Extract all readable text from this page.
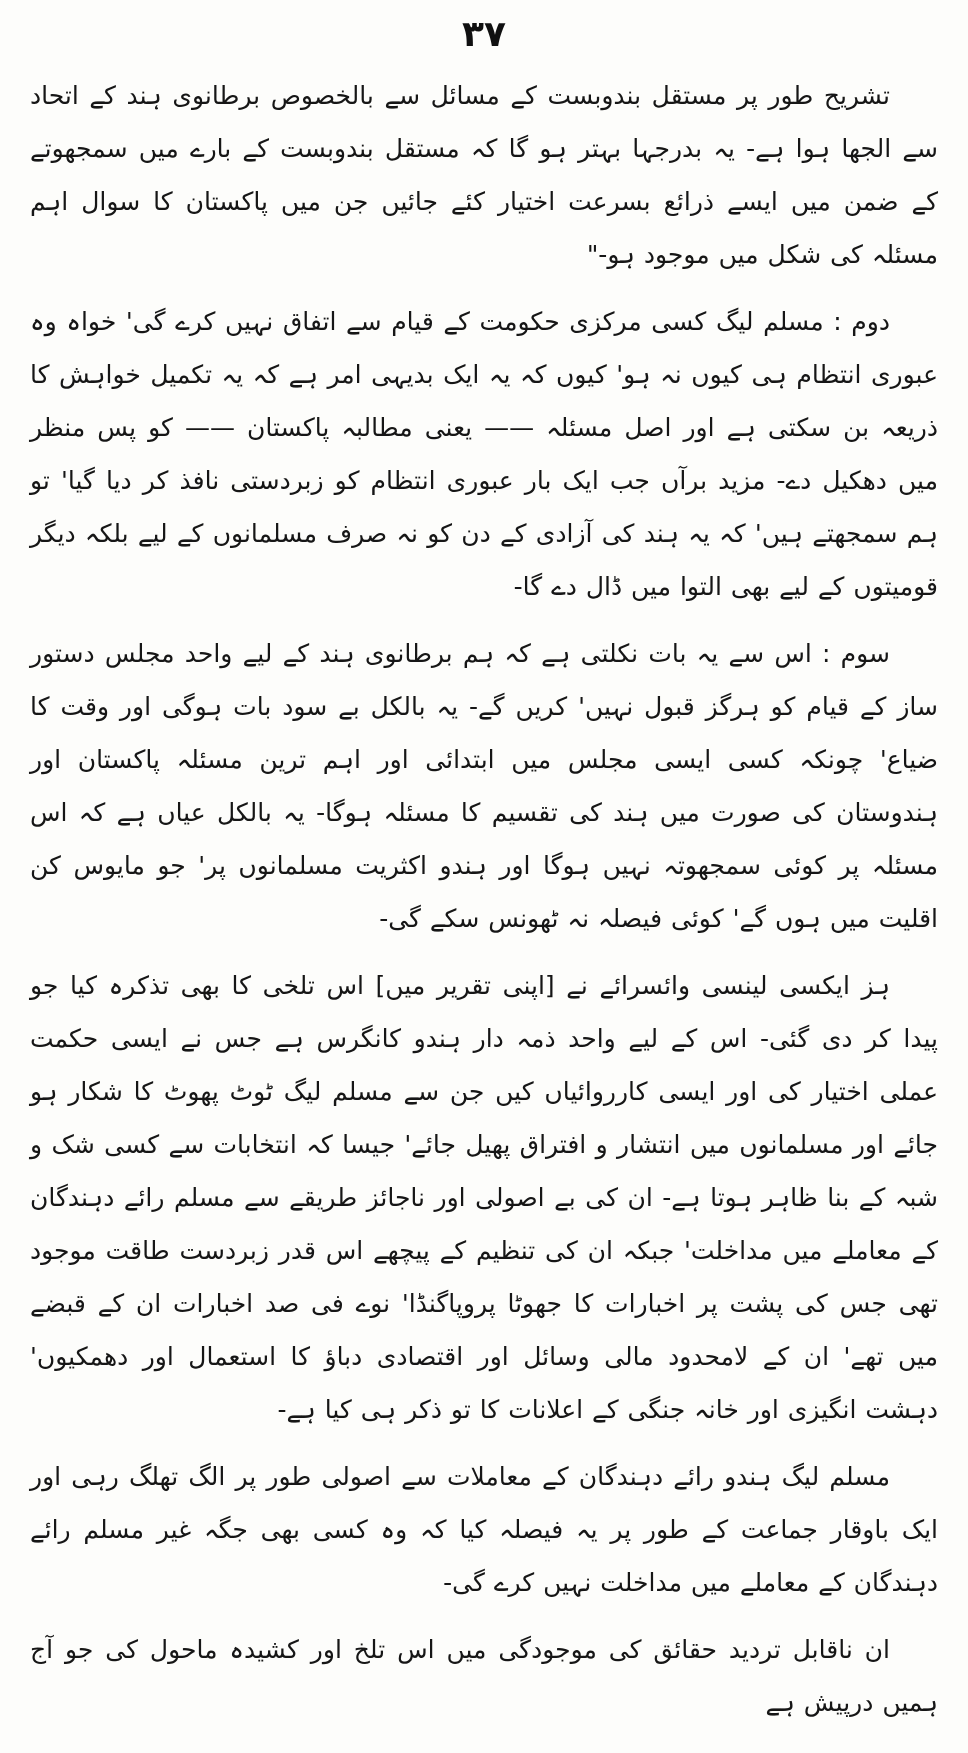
۳۷

تشریح طور پر مستقل بندوبست کے مسائل سے بالخصوص برطانوی ہند کے اتحاد سے الجھا ہوا ہے- یہ بدرجہا بہتر ہو گا کہ مستقل بندوبست کے بارے میں سمجھوتے کے ضمن میں ایسے ذرائع بسرعت اختیار کئے جائیں جن میں پاکستان کا سوال اہم مسئلہ کی شکل میں موجود ہو-"

دوم : مسلم لیگ کسی مرکزی حکومت کے قیام سے اتفاق نہیں کرے گی' خواہ وہ عبوری انتظام ہی کیوں نہ ہو' کیوں کہ یہ ایک بدیہی امر ہے کہ یہ تکمیل خواہش کا ذریعہ بن سکتی ہے اور اصل مسئلہ —— یعنی مطالبہ پاکستان —— کو پس منظر میں دھکیل دے- مزید برآں جب ایک بار عبوری انتظام کو زبردستی نافذ کر دیا گیا' تو ہم سمجھتے ہیں' کہ یہ ہند کی آزادی کے دن کو نہ صرف مسلمانوں کے لیے بلکہ دیگر قومیتوں کے لیے بھی التوا میں ڈال دے گا-

سوم : اس سے یہ بات نکلتی ہے کہ ہم برطانوی ہند کے لیے واحد مجلس دستور ساز کے قیام کو ہرگز قبول نہیں' کریں گے- یہ بالکل بے سود بات ہوگی اور وقت کا ضیاع' چونکہ کسی ایسی مجلس میں ابتدائی اور اہم ترین مسئلہ پاکستان اور ہندوستان کی صورت میں ہند کی تقسیم کا مسئلہ ہوگا- یہ بالکل عیاں ہے کہ اس مسئلہ پر کوئی سمجھوتہ نہیں ہوگا اور ہندو اکثریت مسلمانوں پر' جو مایوس کن اقلیت میں ہوں گے' کوئی فیصلہ نہ ٹھونس سکے گی-

ہز ایکسی لینسی وائسرائے نے [اپنی تقریر میں] اس تلخی کا بھی تذکرہ کیا جو پیدا کر دی گئی- اس کے لیے واحد ذمہ دار ہندو کانگرس ہے جس نے ایسی حکمت عملی اختیار کی اور ایسی کارروائیاں کیں جن سے مسلم لیگ ٹوٹ پھوٹ کا شکار ہو جائے اور مسلمانوں میں انتشار و افتراق پھیل جائے' جیسا کہ انتخابات سے کسی شک و شبہ کے بنا ظاہر ہوتا ہے- ان کی بے اصولی اور ناجائز طریقے سے مسلم رائے دہندگان کے معاملے میں مداخلت' جبکہ ان کی تنظیم کے پیچھے اس قدر زبردست طاقت موجود تھی جس کی پشت پر اخبارات کا جھوٹا پروپاگنڈا' نوے فی صد اخبارات ان کے قبضے میں تھے' ان کے لامحدود مالی وسائل اور اقتصادی دباؤ کا استعمال اور دھمکیوں' دہشت انگیزی اور خانہ جنگی کے اعلانات کا تو ذکر ہی کیا ہے-

مسلم لیگ ہندو رائے دہندگان کے معاملات سے اصولی طور پر الگ تھلگ رہی اور ایک باوقار جماعت کے طور پر یہ فیصلہ کیا کہ وہ کسی بھی جگہ غیر مسلم رائے دہندگان کے معاملے میں مداخلت نہیں کرے گی-

ان ناقابل تردید حقائق کی موجودگی میں اس تلخ اور کشیدہ ماحول کی جو آج ہمیں درپیش ہے
